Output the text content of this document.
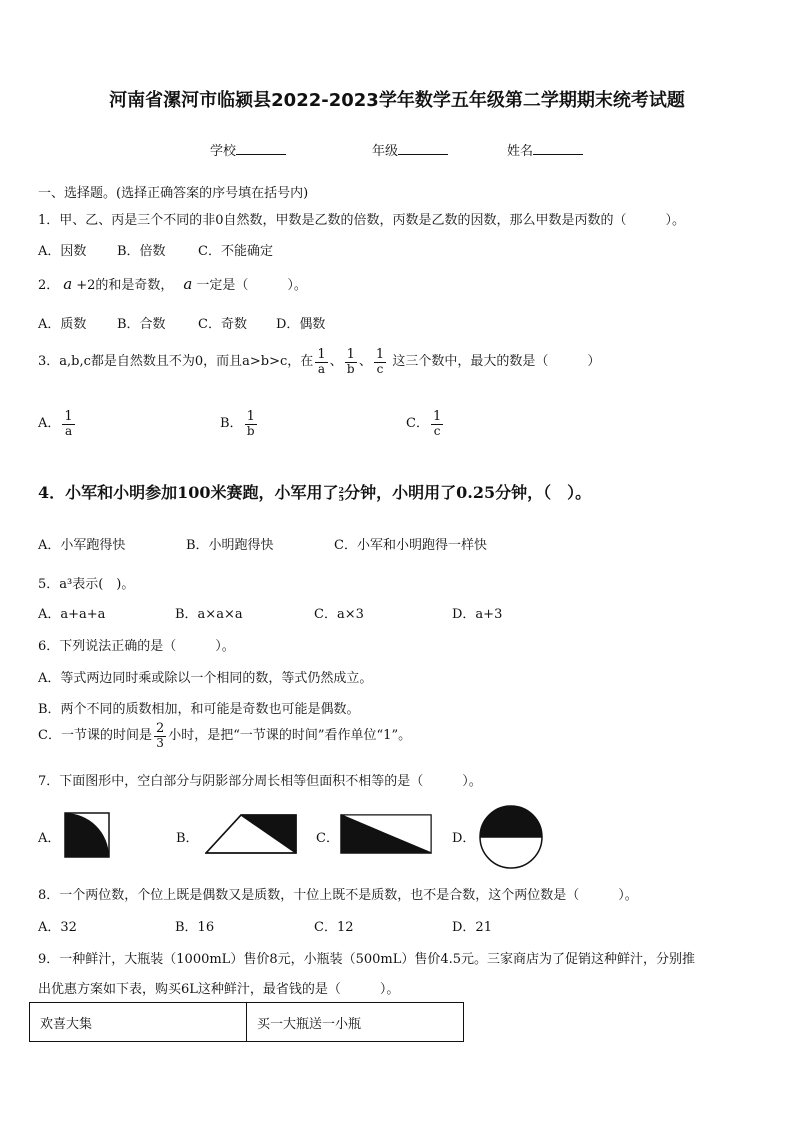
河南省漯河市临颍县2022-2023学年数学五年级第二学期期末统考试题
学校	年级	姓名
一、选择题。(选择正确答案的序号填在括号内)
1．甲、乙、丙是三个不同的非0自然数，甲数是乙数的倍数，丙数是乙数的因数，那么甲数是丙数的（　　　）。
A．因数 B．倍数 C．不能确定
2． a +2的和是奇数， a 一定是（　　　）。
A．质数 B．合数 C．奇数 D．偶数
3．a,b,c都是自然数且不为0，而且a>b>c，在 $\frac{1}{a}$ 、 $\frac{1}{b}$ 、 $\frac{1}{c}$ 这三个数中，最大的数是（　　　）
A． $\frac{1}{a}$	B． $\frac{1}{b}$	C． $\frac{1}{c}$
4．小军和小明参加100米赛跑，小军用了 2
5 分钟，小明用了0.25分钟，（　）。
A．小军跑得快	B．小明跑得快	C．小军和小明跑得一样快
5．a³表示(　)。
A．a+a+a	B．a×a×a	C．a×3	D．a+3
6．下列说法正确的是（　　　）。
A．等式两边同时乘或除以一个相同的数，等式仍然成立。
B．两个不同的质数相加，和可能是奇数也可能是偶数。
C．一节课的时间是 $\frac{2}{3}$ 小时，是把“一节课的时间”看作单位“1”。
7．下面图形中，空白部分与阴影部分周长相等但面积不相等的是（　　　）。
A．	B．	C．	D．
8．一个两位数，个位上既是偶数又是质数，十位上既不是质数，也不是合数，这个两位数是（　　　）。
A．32	B．16	C．12	D．21
9．一种鲜汁，大瓶装（1000mL）售价8元，小瓶装（500mL）售价4.5元。三家商店为了促销这种鲜汁，分别推
出优惠方案如下表，购买6L这种鲜汁，最省钱的是（　　　）。
欢喜大集	买一大瓶送一小瓶
